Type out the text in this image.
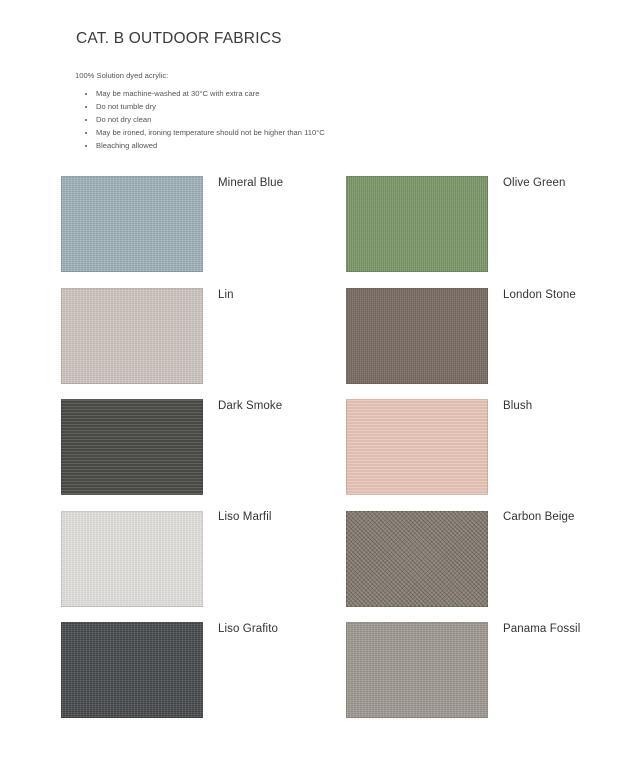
CAT. B OUTDOOR FABRICS
100% Solution dyed acrylic:
• May be machine-washed at 30°C with extra care
• Do not tumble dry
• Do not dry clean
• May be ironed, ironing temperature should not be higher than 110°C
• Bleaching allowed
Mineral Blue	Olive Green
Lin	London Stone
Dark Smoke	Blush
Liso Marfil	Carbon Beige
Liso Grafito	Panama Fossil
